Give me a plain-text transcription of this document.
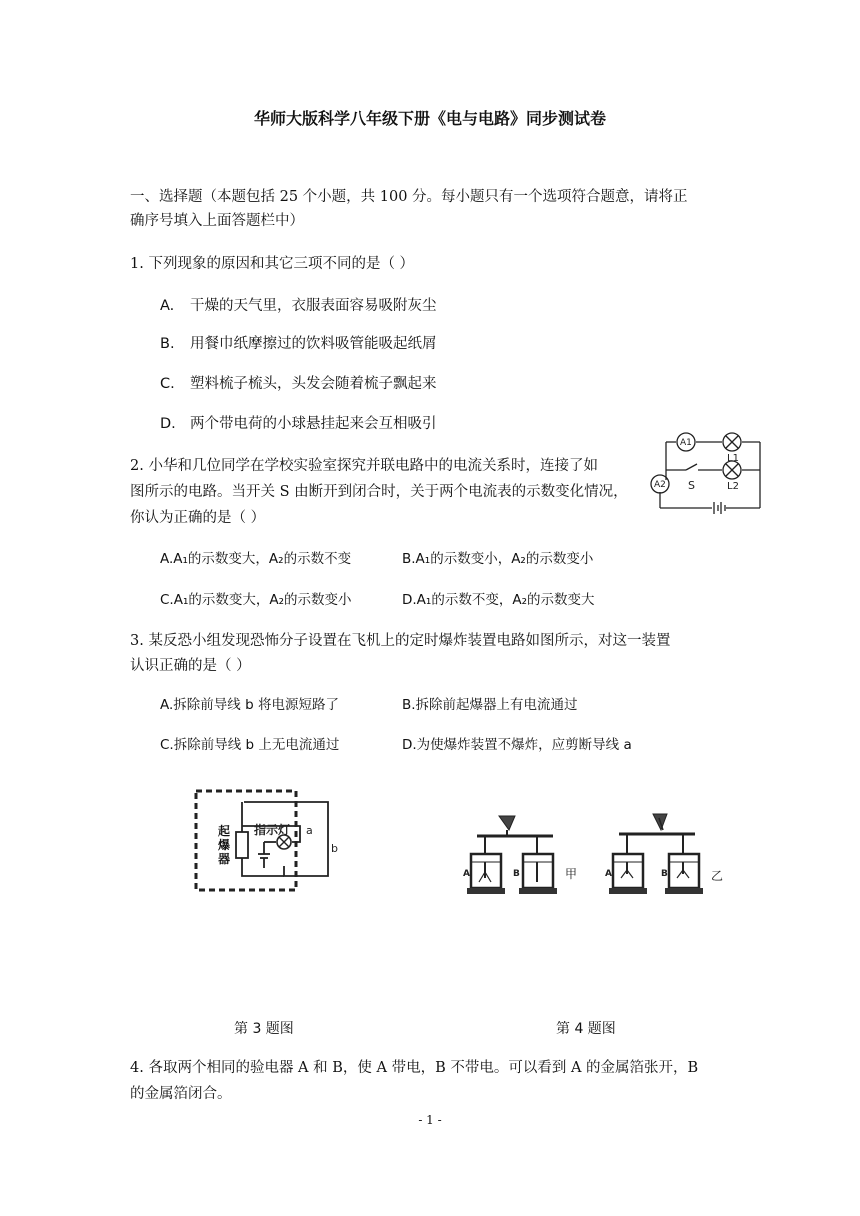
华师大版科学八年级下册《电与电路》同步测试卷
一、选择题（本题包括 25 个小题，共 100 分。每小题只有一个选项符合题意，请将正
确序号填入上面答题栏中）
1. 下列现象的原因和其它三项不同的是（ ）
A. 干燥的天气里，衣服表面容易吸附灰尘
B. 用餐巾纸摩擦过的饮料吸管能吸起纸屑
C. 塑料梳子梳头，头发会随着梳子飘起来
D. 两个带电荷的小球悬挂起来会互相吸引
2. 小华和几位同学在学校实验室探究并联电路中的电流关系时，连接了如
图所示的电路。当开关 S 由断开到闭合时，关于两个电流表的示数变化情况，
你认为正确的是（ ）
A1
A2 S
L1
L2
A.A₁的示数变大，A₂的示数不变	B.A₁的示数变小，A₂的示数变小
C.A₁的示数变大，A₂的示数变小	D.A₁的示数不变，A₂的示数变大
3. 某反恐小组发现恐怖分子设置在飞机上的定时爆炸装置电路如图所示，对这一装置
认识正确的是（ ）
A.拆除前导线 b 将电源短路了	B.拆除前起爆器上有电流通过
C.拆除前导线 b 上无电流通过	D.为使爆炸装置不爆炸，应剪断导线 a
指示灯 a
b
起爆器
A	B	A	B
甲	乙
第 3 题图	第 4 题图
4. 各取两个相同的验电器 A 和 B，使 A 带电，B 不带电。可以看到 A 的金属箔张开，B
的金属箔闭合。
- 1 -
